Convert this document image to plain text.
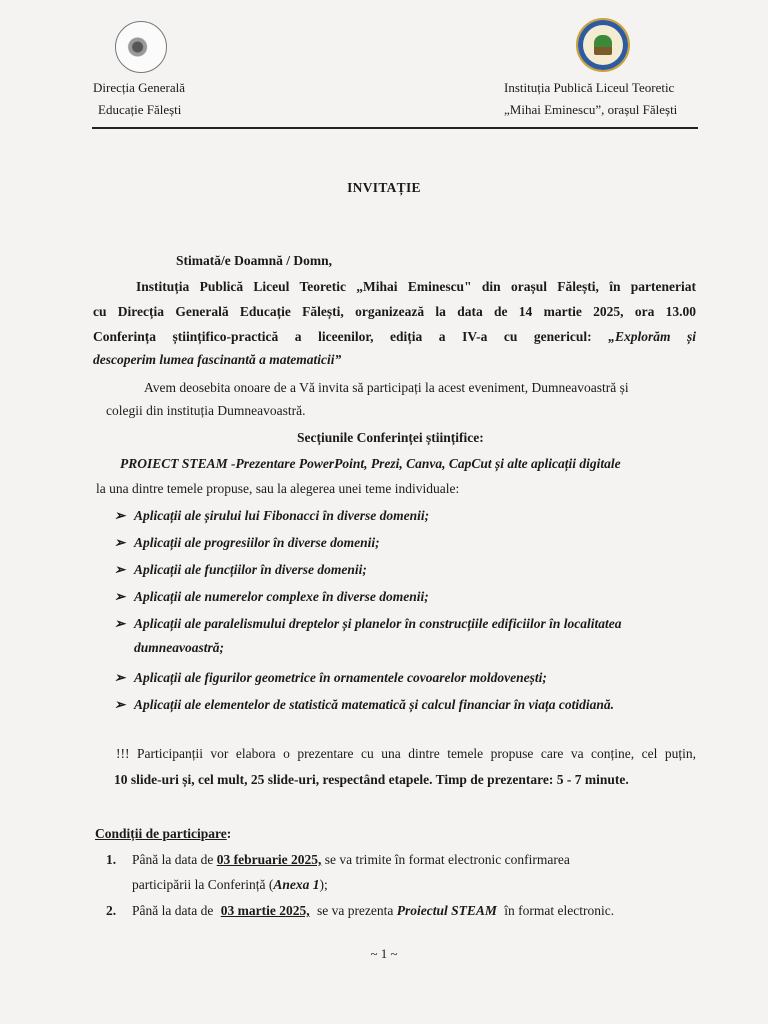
Direcția Generală
Educație Fălești
Instituția Publică Liceul Teoretic
„Mihai Eminescu”, orașul Fălești
INVITAȚIE
Stimată/e Doamnă / Domn,
Instituția Publică Liceul Teoretic „Mihai Eminescu" din orașul Fălești, în parteneriat
cu Direcția Generală Educație Fălești, organizează la data de 14 martie 2025, ora 13.00
Conferința științifico-practică a liceenilor, ediția a IV-a cu genericul: „Explorăm și
descoperim lumea fascinantă a matematicii”
Avem deosebita onoare de a Vă invita să participați la acest eveniment, Dumneavoastră și
colegii din instituția Dumneavoastră.
Secțiunile Conferinței științifice:
PROIECT STEAM -Prezentare PowerPoint, Prezi, Canva, CapCut și alte aplicații digitale
la una dintre temele propuse, sau la alegerea unei teme individuale:
➢ Aplicații ale șirului lui Fibonacci în diverse domenii;
➢ Aplicații ale progresiilor în diverse domenii;
➢ Aplicații ale funcțiilor în diverse domenii;
➢ Aplicații ale numerelor complexe în diverse domenii;
➢ Aplicații ale paralelismului dreptelor și planelor în construcțiile edificiilor în localitatea
dumneavoastră;
➢ Aplicații ale figurilor geometrice în ornamentele covoarelor moldovenești;
➢ Aplicații ale elementelor de statistică matematică și calcul financiar în viața cotidiană.
!!! Participanții vor elabora o prezentare cu una dintre temele propuse care va conține, cel puțin,
10 slide-uri și, cel mult, 25 slide-uri, respectând etapele. Timp de prezentare: 5 - 7 minute.
Condiții de participare:
1. Până la data de 03 februarie 2025, se va trimite în format electronic confirmarea
participării la Conferință (Anexa 1);
2. Până la data de 03 martie 2025, se va prezenta Proiectul STEAM în format electronic.
~ 1 ~
